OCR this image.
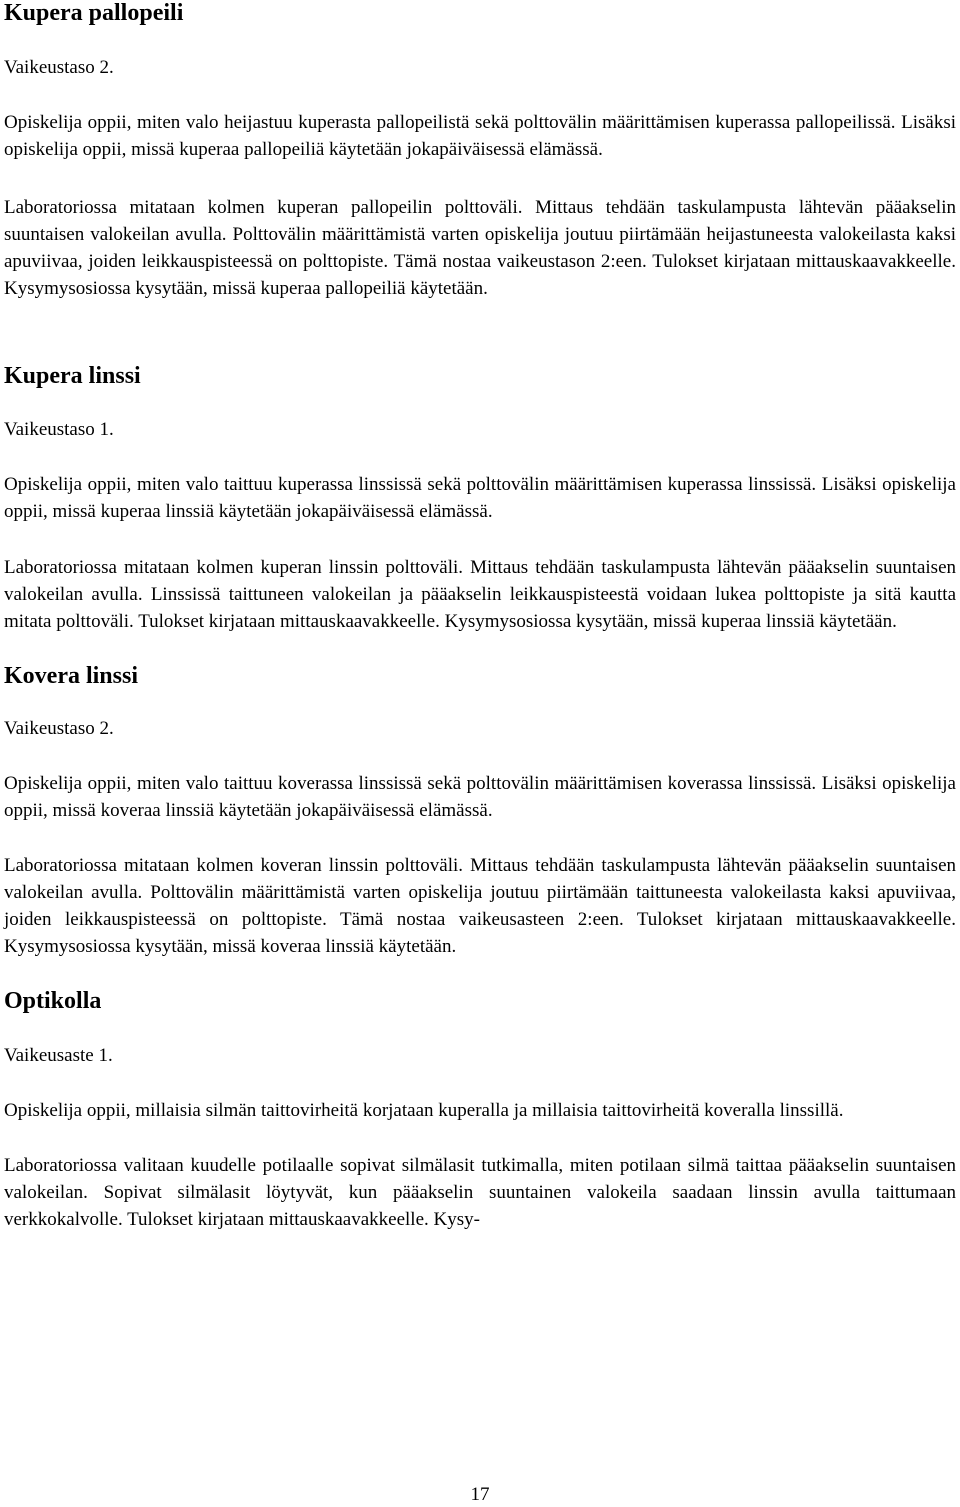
Kupera pallopeili

Vaikeustaso 2.

Opiskelija oppii, miten valo heijastuu kuperasta pallopeilistä sekä polttovälin määrittämisen kuperassa pallopeilissä. Lisäksi opiskelija oppii, missä kuperaa pallopeiliä käytetään jokapäiväisessä elämässä.

Laboratoriossa mitataan kolmen kuperan pallopeilin polttoväli. Mittaus tehdään taskulampusta lähtevän pääakselin suuntaisen valokeilan avulla. Polttovälin määrittämistä varten opiskelija joutuu piirtämään heijastuneesta valokeilasta kaksi apuviivaa, joiden leikkauspisteessä on polttopiste. Tämä nostaa vaikeustason 2:een. Tulokset kirjataan mittauskaavakkeelle. Kysymysosiossa kysytään, missä kuperaa pallopeiliä käytetään.

Kupera linssi

Vaikeustaso 1.

Opiskelija oppii, miten valo taittuu kuperassa linssissä sekä polttovälin määrittämisen kuperassa linssissä. Lisäksi opiskelija oppii, missä kuperaa linssiä käytetään jokapäiväisessä elämässä.

Laboratoriossa mitataan kolmen kuperan linssin polttoväli. Mittaus tehdään taskulampusta lähtevän pääakselin suuntaisen valokeilan avulla. Linssissä taittuneen valokeilan ja pääakselin leikkauspisteestä voidaan lukea polttopiste ja sitä kautta mitata polttoväli. Tulokset kirjataan mittauskaavakkeelle. Kysymysosiossa kysytään, missä kuperaa linssiä käytetään.

Kovera linssi

Vaikeustaso 2.

Opiskelija oppii, miten valo taittuu koverassa linssissä sekä polttovälin määrittämisen koverassa linssissä. Lisäksi opiskelija oppii, missä koveraa linssiä käytetään jokapäiväisessä elämässä.

Laboratoriossa mitataan kolmen koveran linssin polttoväli. Mittaus tehdään taskulampusta lähtevän pääakselin suuntaisen valokeilan avulla. Polttovälin määrittämistä varten opiskelija joutuu piirtämään taittuneesta valokeilasta kaksi apuviivaa, joiden leikkauspisteessä on polttopiste. Tämä nostaa vaikeusasteen 2:een. Tulokset kirjataan mittauskaavakkeelle. Kysymysosiossa kysytään, missä koveraa linssiä käytetään.

Optikolla

Vaikeusaste 1.

Opiskelija oppii, millaisia silmän taittovirheitä korjataan kuperalla ja millaisia taittovirheitä koveralla linssillä.

Laboratoriossa valitaan kuudelle potilaalle sopivat silmälasit tutkimalla, miten potilaan silmä taittaa pääakselin suuntaisen valokeilan. Sopivat silmälasit löytyvät, kun pääakselin suuntainen valokeila saadaan linssin avulla taittumaan verkkokalvolle. Tulokset kirjataan mittauskaavakkeelle. Kysy-

17
